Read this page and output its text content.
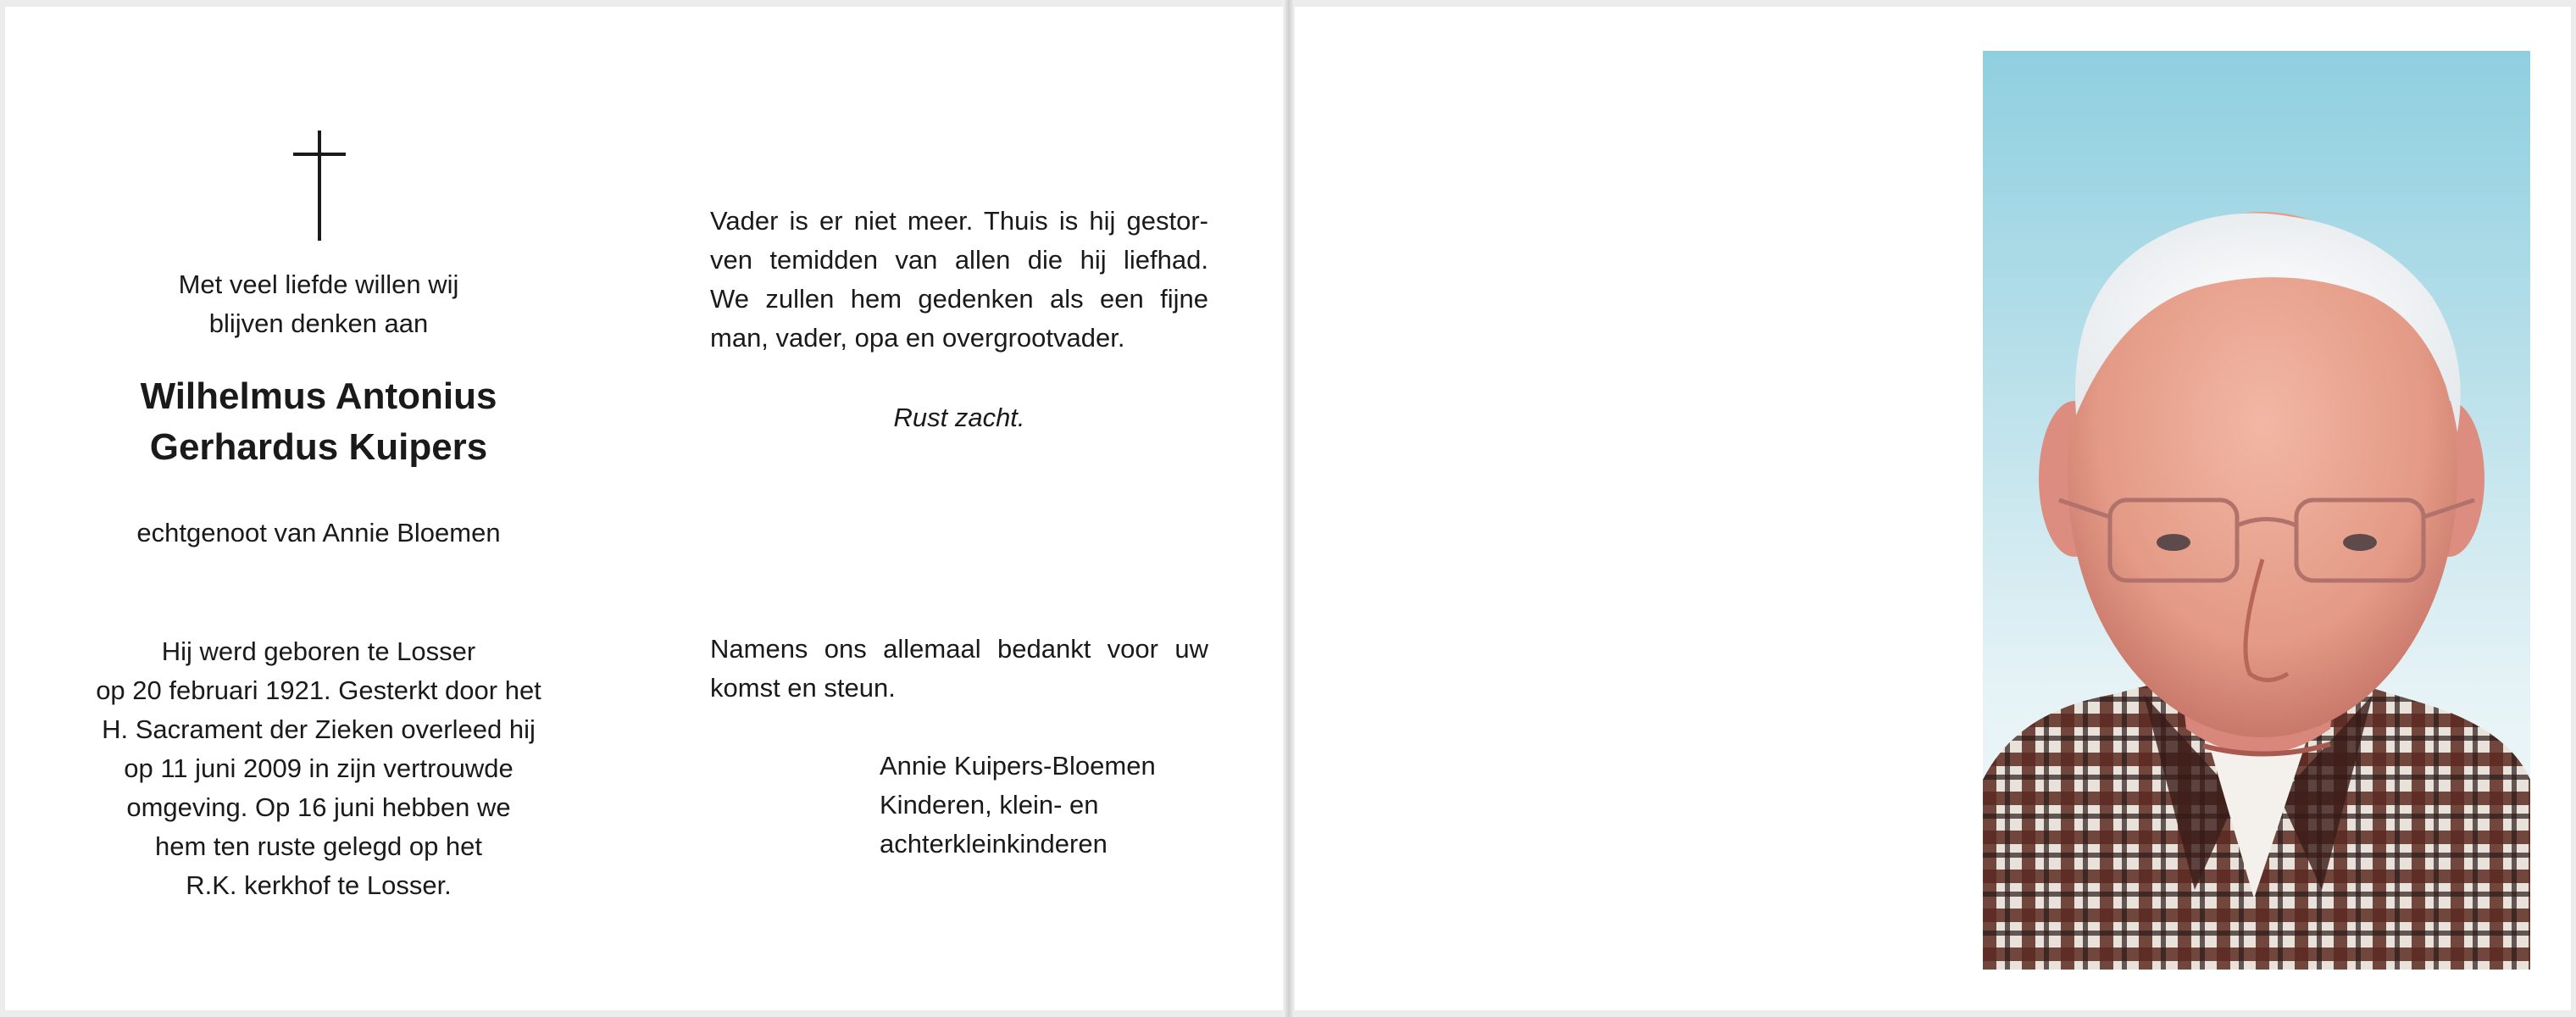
Met veel liefde willen wij

blijven denken aan

Wilhelmus Antonius

Gerhardus Kuipers

echtgenoot van Annie Bloemen

Hij werd geboren te Losser

op 20 februari 1921. Gesterkt door het

H. Sacrament der Zieken overleed hij

op 11 juni 2009 in zijn vertrouwde

omgeving. Op 16 juni hebben we

hem ten ruste gelegd op het

R.K. kerkhof te Losser.

Vader is er niet meer. Thuis is hij gestor-

ven temidden van allen die hij liefhad.

We zullen hem gedenken als een fijne

man, vader, opa en overgrootvader.

Rust zacht.

Namens ons allemaal bedankt voor uw

komst en steun.

Annie Kuipers-Bloemen

Kinderen, klein- en

achterkleinkinderen
